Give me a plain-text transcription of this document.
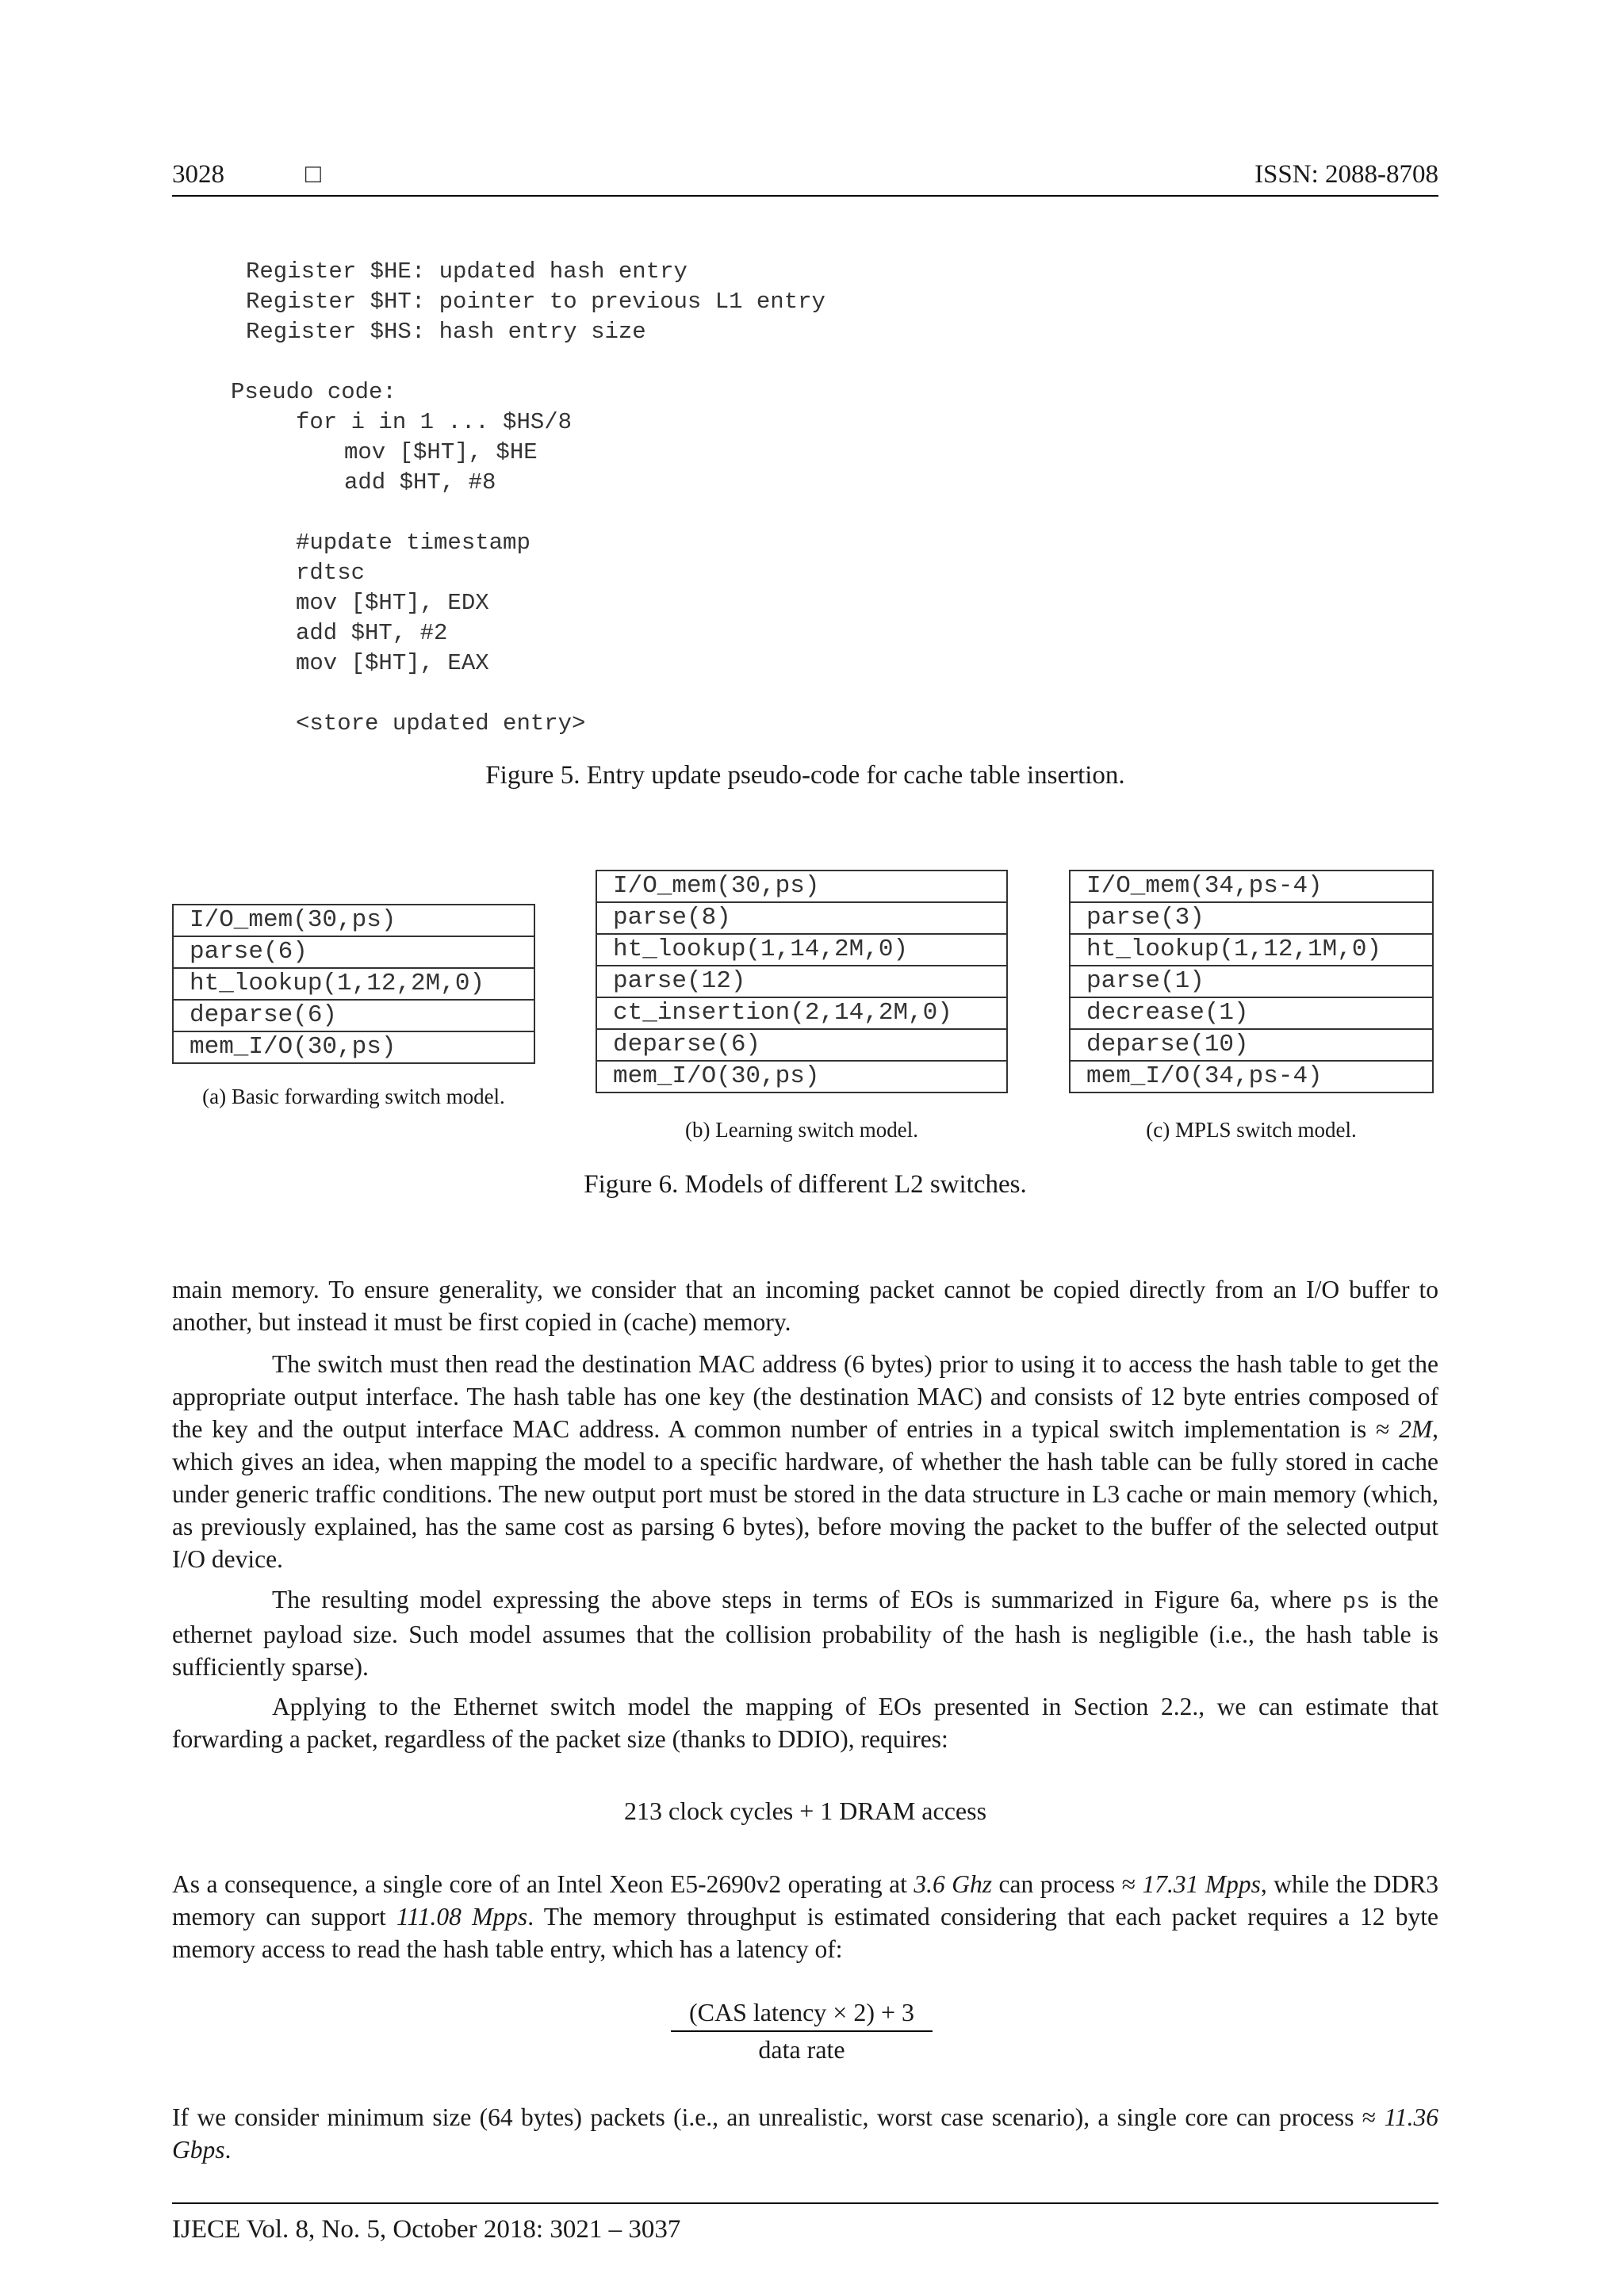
3028	□	ISSN: 2088-8708
Register $HE: updated hash entry
Register $HT: pointer to previous L1 entry
Register $HS: hash entry size
Pseudo code:
for i in 1 ... $HS/8
mov [$HT], $HE
add $HT, #8
#update timestamp
rdtsc
mov [$HT], EDX
add $HT, #2
mov [$HT], EAX
<store updated entry>
Figure 5. Entry update pseudo-code for cache table insertion.
I/O_mem(30,ps)
parse(6)
ht_lookup(1,12,2M,0)
deparse(6)
mem_I/O(30,ps)
(a) Basic forwarding switch model.
I/O_mem(30,ps)
parse(8)
ht_lookup(1,14,2M,0)
parse(12)
ct_insertion(2,14,2M,0)
deparse(6)
mem_I/O(30,ps)
(b) Learning switch model.
I/O_mem(34,ps-4)
parse(3)
ht_lookup(1,12,1M,0)
parse(1)
decrease(1)
deparse(10)
mem_I/O(34,ps-4)
(c) MPLS switch model.
Figure 6. Models of different L2 switches.

main memory. To ensure generality, we consider that an incoming packet cannot be copied directly from an I/O buffer to another, but instead it must be first copied in (cache) memory.

The switch must then read the destination MAC address (6 bytes) prior to using it to access the hash table to get the appropriate output interface. The hash table has one key (the destination MAC) and consists of 12 byte entries composed of the key and the output interface MAC address. A common number of entries in a typical switch implementation is ≈ 2M, which gives an idea, when mapping the model to a specific hardware, of whether the hash table can be fully stored in cache under generic traffic conditions. The new output port must be stored in the data structure in L3 cache or main memory (which, as previously explained, has the same cost as parsing 6 bytes), before moving the packet to the buffer of the selected output I/O device.

The resulting model expressing the above steps in terms of EOs is summarized in Figure 6a, where ps is the ethernet payload size. Such model assumes that the collision probability of the hash is negligible (i.e., the hash table is sufficiently sparse).

Applying to the Ethernet switch model the mapping of EOs presented in Section 2.2., we can estimate that forwarding a packet, regardless of the packet size (thanks to DDIO), requires:

213 clock cycles + 1 DRAM access

As a consequence, a single core of an Intel Xeon E5-2690v2 operating at 3.6 Ghz can process ≈ 17.31 Mpps, while the DDR3 memory can support 111.08 Mpps. The memory throughput is estimated considering that each packet requires a 12 byte memory access to read the hash table entry, which has a latency of:

(CAS latency × 2) + 3
data rate

If we consider minimum size (64 bytes) packets (i.e., an unrealistic, worst case scenario), a single core can process ≈ 11.36 Gbps.

IJECE Vol. 8, No. 5, October 2018: 3021 – 3037
